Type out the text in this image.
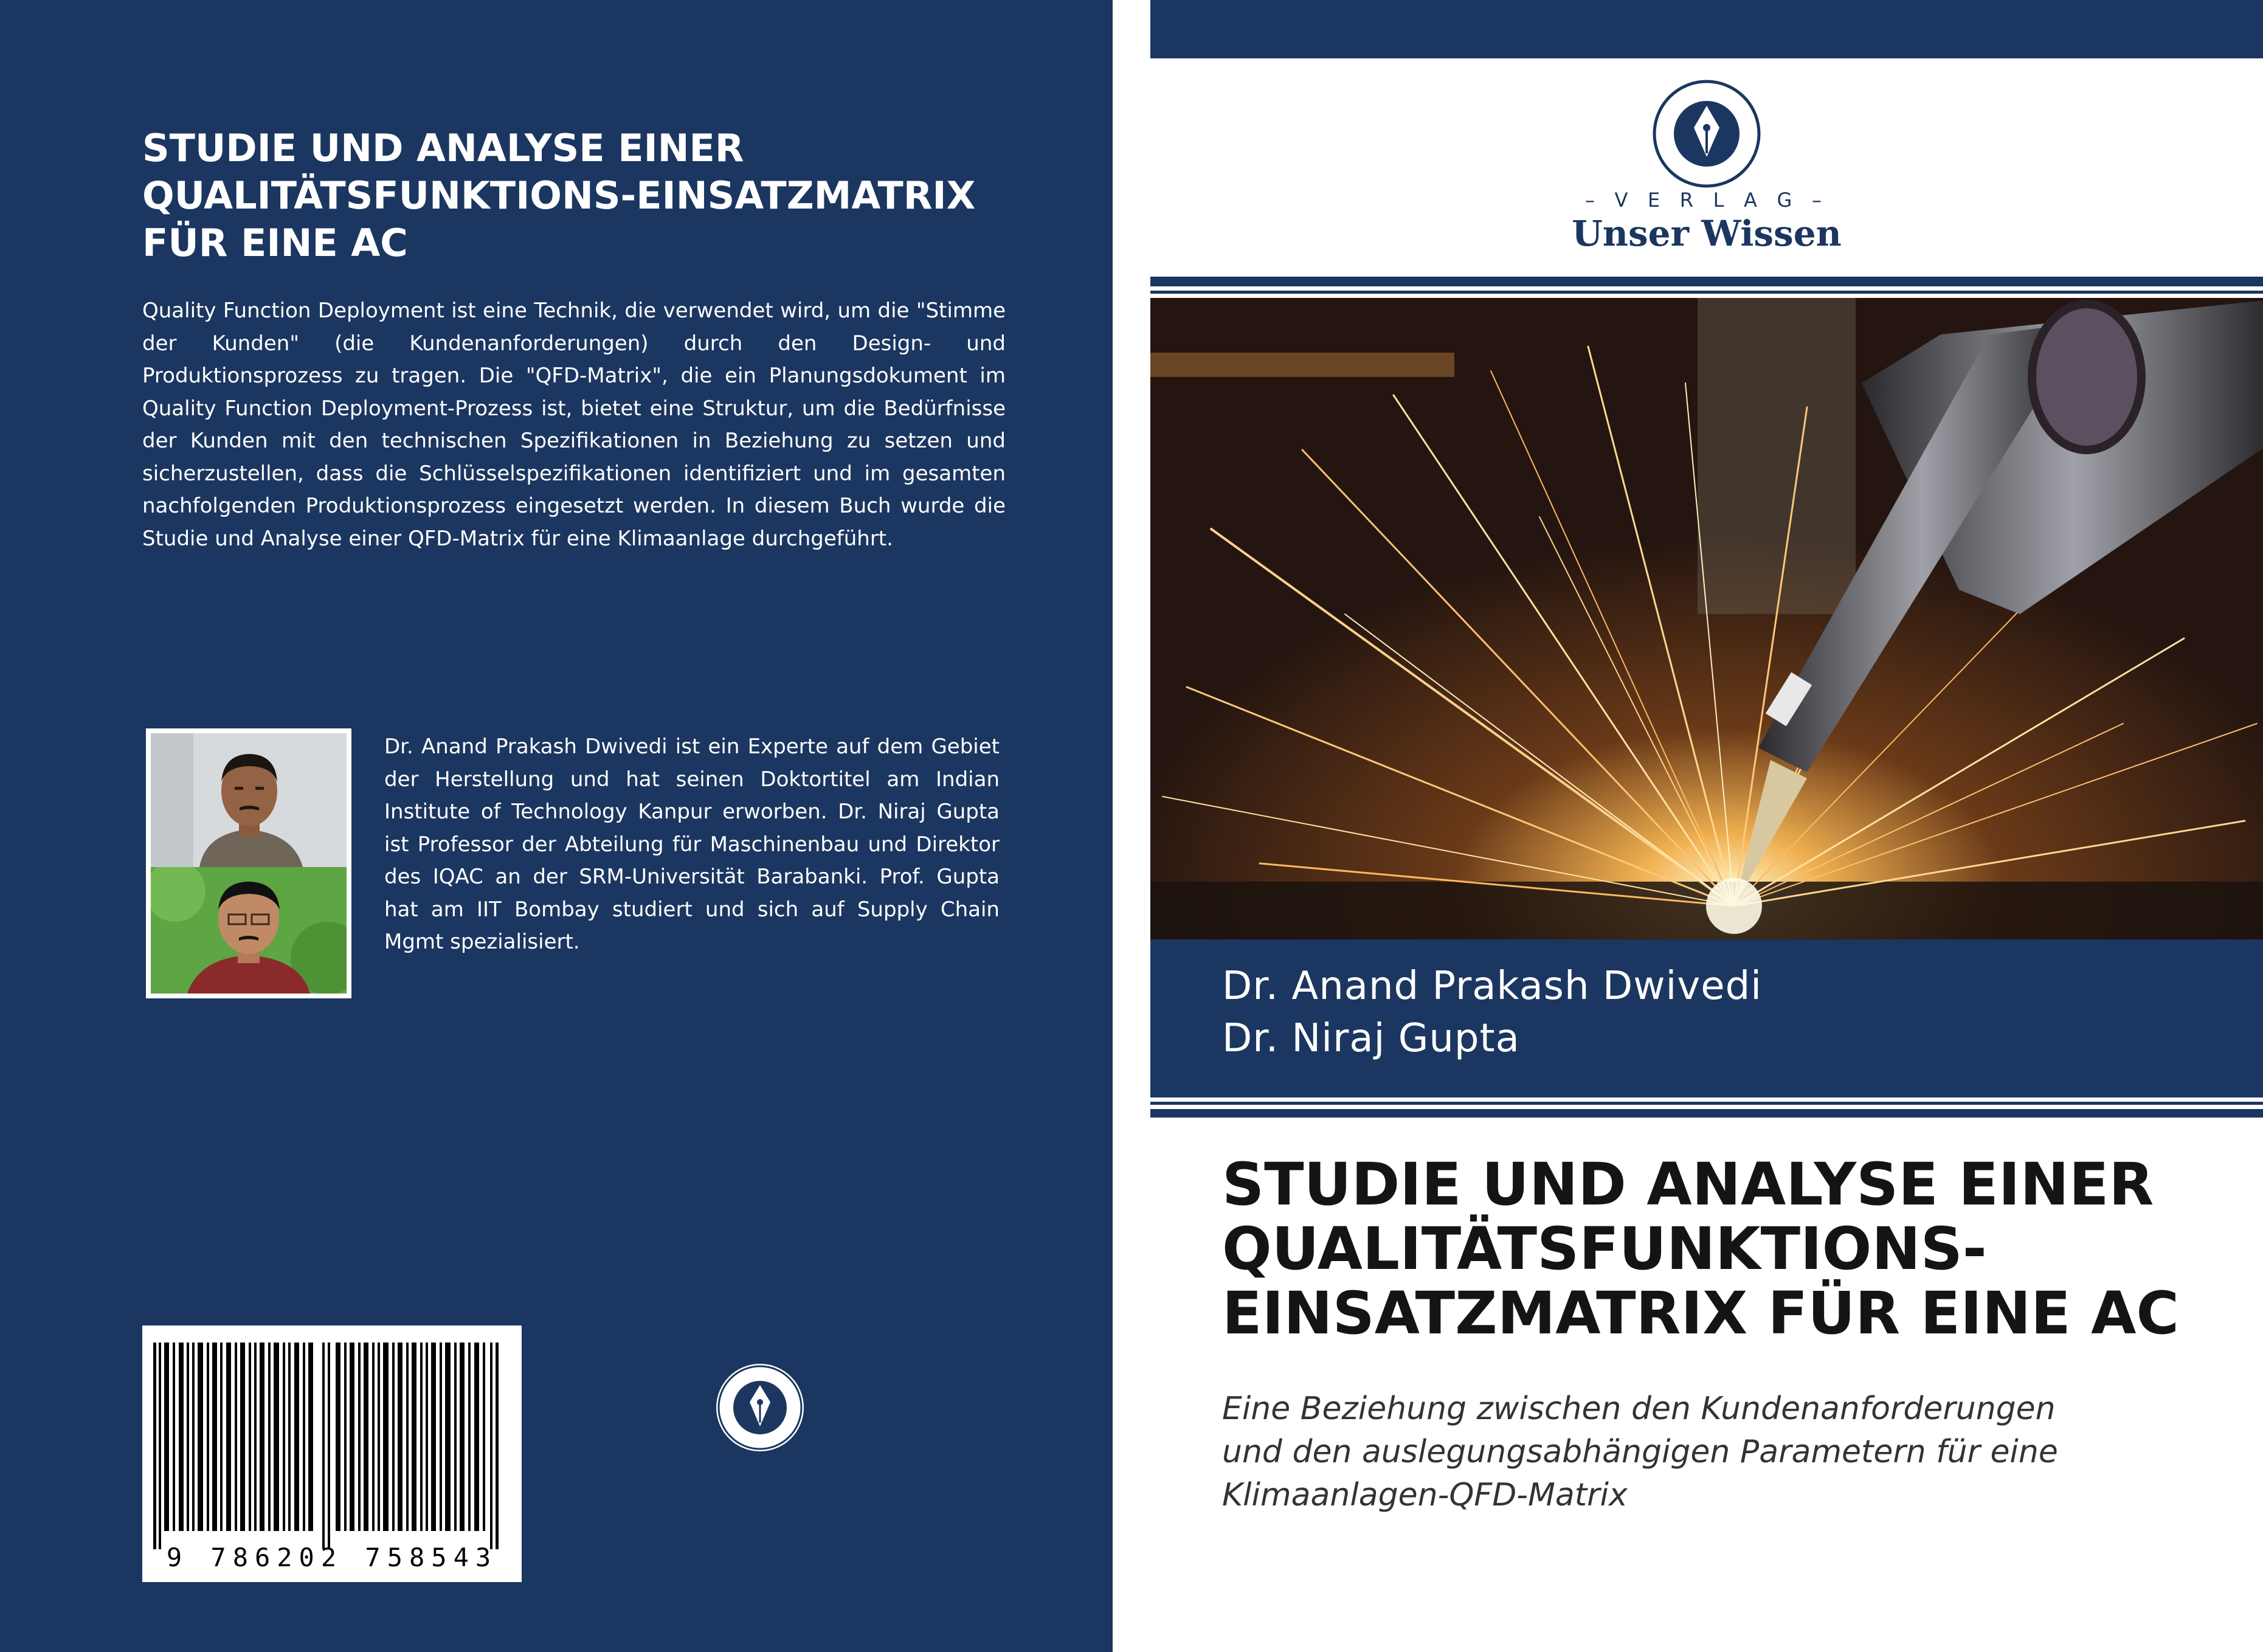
STUDIE UND ANALYSE EINER
QUALITÄTSFUNKTIONS-EINSATZMATRIX
FÜR EINE AC

Quality Function Deployment ist eine Technik, die verwendet wird, um die "Stimme der Kunden" (die Kundenanforderungen) durch den Design- und Produktionsprozess zu tragen. Die "QFD-Matrix", die ein Planungsdokument im Quality Function Deployment-Prozess ist, bietet eine Struktur, um die Bedürfnisse der Kunden mit den technischen Spezifikationen in Beziehung zu setzen und sicherzustellen, dass die Schlüsselspezifikationen identifiziert und im gesamten nachfolgenden Produktionsprozess eingesetzt werden. In diesem Buch wurde die Studie und Analyse einer QFD-Matrix für eine Klimaanlage durchgeführt.

Dr. Anand Prakash Dwivedi ist ein Experte auf dem Gebiet der Herstellung und hat seinen Doktortitel am Indian Institute of Technology Kanpur erworben. Dr. Niraj Gupta ist Professor der Abteilung für Maschinenbau und Direktor des IQAC an der SRM-Universität Barabanki. Prof. Gupta hat am IIT Bombay studiert und sich auf Supply Chain Mgmt spezialisiert.

9 786202 758543
– V E R L A G –
Unser Wissen
– V E R L A G –
Unser Wissen
Dr. Anand Prakash Dwivedi
Dr. Niraj Gupta
STUDIE UND ANALYSE EINER
QUALITÄTSFUNKTIONS-
EINSATZMATRIX FÜR EINE AC

Eine Beziehung zwischen den Kundenanforderungen
und den auslegungsabhängigen Parametern für eine
Klimaanlagen-QFD-Matrix
